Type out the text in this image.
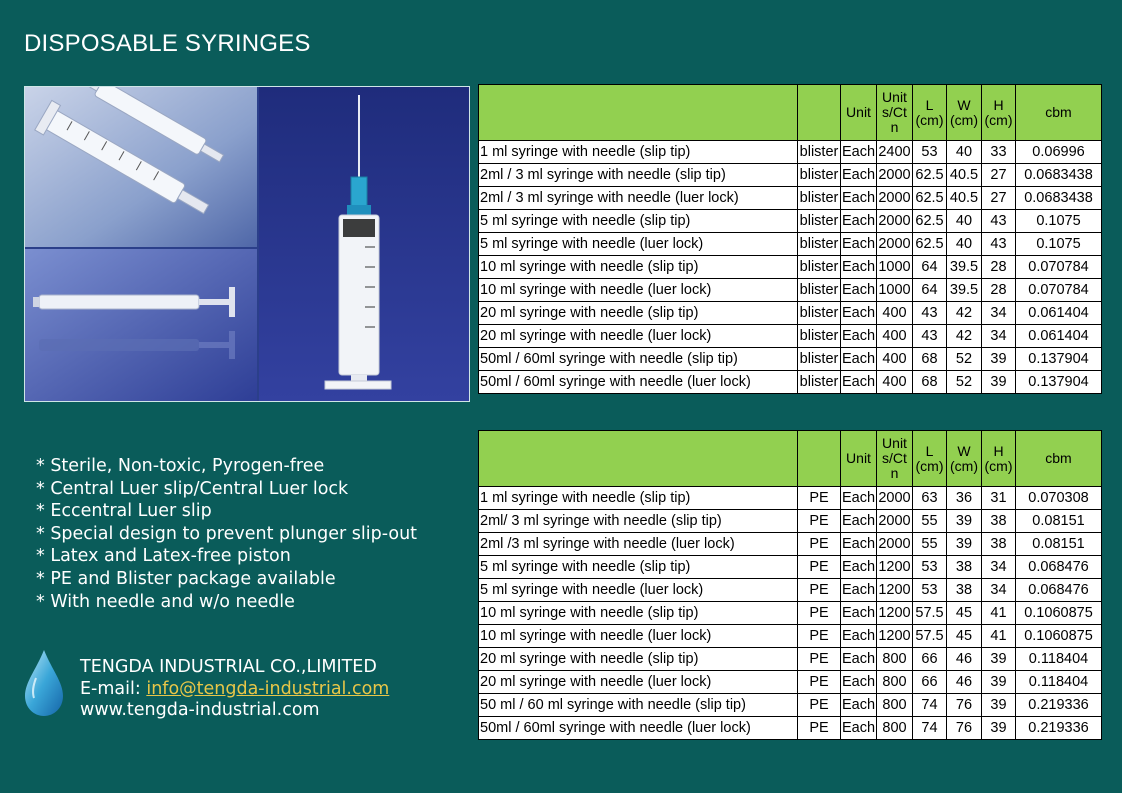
DISPOSABLE SYRINGES
		Unit	Unit s/Ct n	L (cm)	W (cm)	H (cm)	cbm
1 ml syringe with needle (slip tip)	blister	Each	2400	53	40	33	0.06996
2ml / 3 ml syringe with needle (slip tip)	blister	Each	2000	62.5	40.5	27	0.0683438
2ml / 3 ml syringe with needle (luer lock)	blister	Each	2000	62.5	40.5	27	0.0683438
5 ml syringe with needle (slip tip)	blister	Each	2000	62.5	40	43	0.1075
5 ml syringe with needle (luer lock)	blister	Each	2000	62.5	40	43	0.1075
10 ml syringe with needle (slip tip)	blister	Each	1000	64	39.5	28	0.070784
10 ml syringe with needle (luer lock)	blister	Each	1000	64	39.5	28	0.070784
20 ml syringe with needle (slip tip)	blister	Each	400	43	42	34	0.061404
20 ml syringe with needle (luer lock)	blister	Each	400	43	42	34	0.061404
50ml / 60ml syringe with needle (slip tip)	blister	Each	400	68	52	39	0.137904
50ml / 60ml syringe with needle (luer lock)	blister	Each	400	68	52	39	0.137904
		Unit	Unit s/Ct n	L (cm)	W (cm)	H (cm)	cbm
1 ml syringe with needle (slip tip)	PE	Each	2000	63	36	31	0.070308
2ml/ 3 ml syringe with needle (slip tip)	PE	Each	2000	55	39	38	0.08151
2ml /3 ml syringe with needle (luer lock)	PE	Each	2000	55	39	38	0.08151
5 ml syringe with needle (slip tip)	PE	Each	1200	53	38	34	0.068476
5 ml syringe with needle (luer lock)	PE	Each	1200	53	38	34	0.068476
10 ml syringe with needle (slip tip)	PE	Each	1200	57.5	45	41	0.1060875
10 ml syringe with needle (luer lock)	PE	Each	1200	57.5	45	41	0.1060875
20 ml syringe with needle (slip tip)	PE	Each	800	66	46	39	0.118404
20 ml syringe with needle (luer lock)	PE	Each	800	66	46	39	0.118404
50 ml / 60 ml syringe with needle (slip tip)	PE	Each	800	74	76	39	0.219336
50ml / 60ml syringe with needle (luer lock)	PE	Each	800	74	76	39	0.219336
* Sterile, Non-toxic, Pyrogen-free
* Central Luer slip/Central Luer lock
* Eccentral Luer slip
* Special design to prevent plunger slip-out
* Latex and Latex-free piston
* PE and Blister package available
* With needle and w/o needle
TENGDA INDUSTRIAL CO.,LIMITED
E-mail: info@tengda-industrial.com
www.tengda-industrial.com
